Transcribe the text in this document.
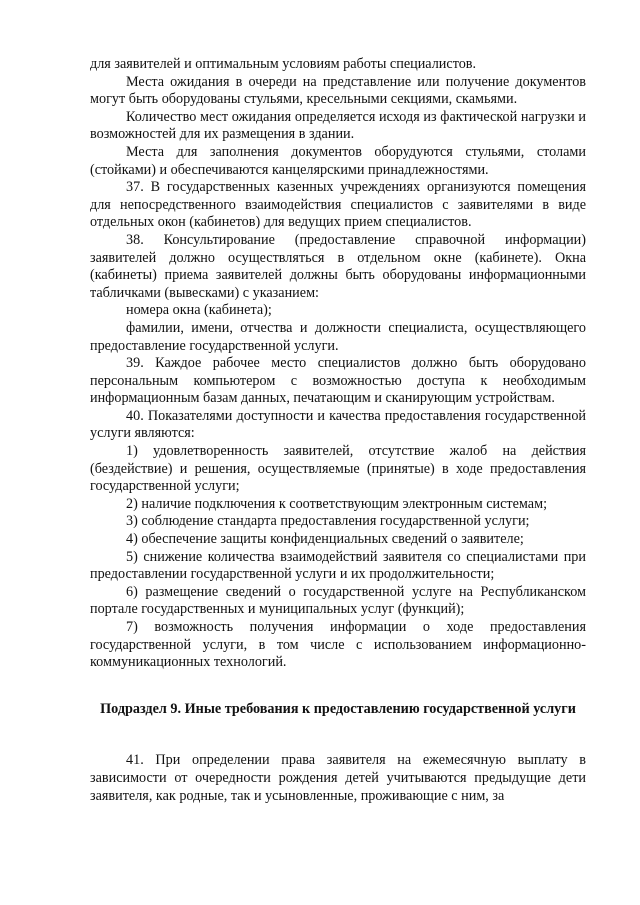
для заявителей и оптимальным условиям работы специалистов.

Места ожидания в очереди на представление или получение документов могут быть оборудованы стульями, кресельными секциями, скамьями.

Количество мест ожидания определяется исходя из фактической нагрузки и возможностей для их размещения в здании.

Места для заполнения документов оборудуются стульями, столами (стойками) и обеспечиваются канцелярскими принадлежностями.

37. В государственных казенных учреждениях организуются помещения для непосредственного взаимодействия специалистов с заявителями в виде отдельных окон (кабинетов) для ведущих прием специалистов.

38. Консультирование (предоставление справочной информации) заявителей должно осуществляться в отдельном окне (кабинете). Окна (кабинеты) приема заявителей должны быть оборудованы информационными табличками (вывесками) с указанием:

номера окна (кабинета);

фамилии, имени, отчества и должности специалиста, осуществляющего предоставление государственной услуги.

39. Каждое рабочее место специалистов должно быть оборудовано персональным компьютером с возможностью доступа к необходимым информационным базам данных, печатающим и сканирующим устройствам.

40. Показателями доступности и качества предоставления государственной услуги являются:

1) удовлетворенность заявителей, отсутствие жалоб на действия (бездействие) и решения, осуществляемые (принятые) в ходе предоставления государственной услуги;

2) наличие подключения к соответствующим электронным системам;

3) соблюдение стандарта предоставления государственной услуги;

4) обеспечение защиты конфиденциальных сведений о заявителе;

5) снижение количества взаимодействий заявителя со специалистами при предоставлении государственной услуги и их продолжительности;

6) размещение сведений о государственной услуге на Республиканском портале государственных и муниципальных услуг (функций);

7) возможность получения информации о ходе предоставления государственной услуги, в том числе с использованием информационно-коммуникационных технологий.

Подраздел 9. Иные требования к предоставлению государственной услуги

41. При определении права заявителя на ежемесячную выплату в зависимости от очередности рождения детей учитываются предыдущие дети заявителя, как родные, так и усыновленные, проживающие с ним, за
